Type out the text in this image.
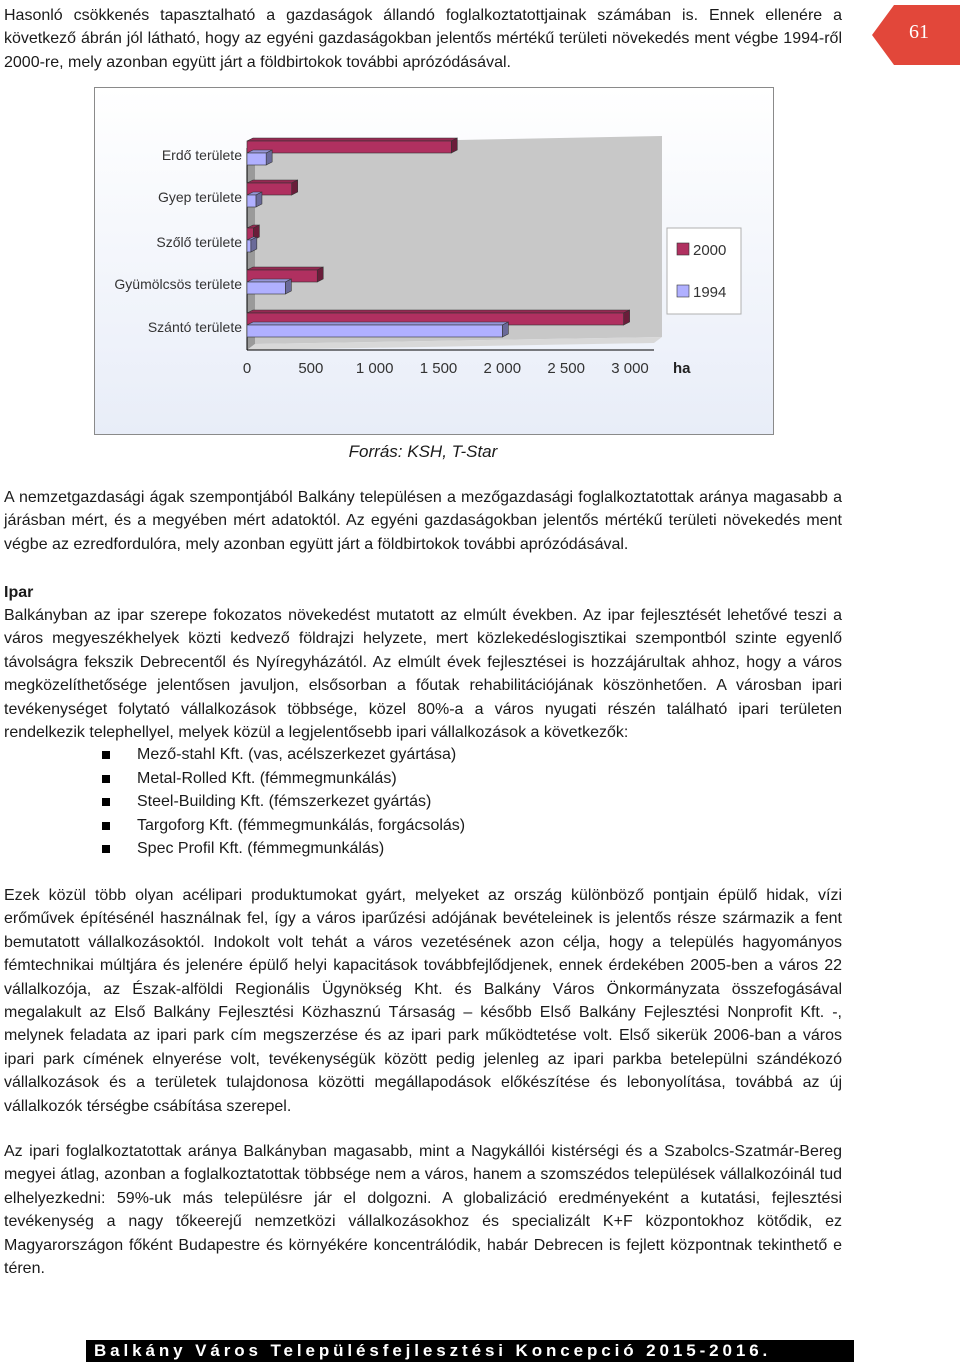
61

Hasonló csökkenés tapasztalható a gazdaságok állandó foglalkoztatottjainak számában is. Ennek ellenére a következő ábrán jól látható, hogy az egyéni gazdaságokban jelentős mértékű területi növekedés ment végbe 1994-ről 2000-re, mely azonban együtt járt a földbirtokok további aprózódásával.

Erdő területe
Gyep területe
Szőlő területe
Gyümölcsös területe
Szántó területe
0	500 1 000 1 500 2 000 2 500 3 000 ha
2000
1994
Forrás: KSH, T-Star

A nemzetgazdasági ágak szempontjából Balkány településen a mezőgazdasági foglalkoztatottak aránya magasabb a járásban mért, és a megyében mért adatoktól. Az egyéni gazdaságokban jelentős mértékű területi növekedés ment végbe az ezredfordulóra, mely azonban együtt járt a földbirtokok további aprózódásával.

Ipar

Balkányban az ipar szerepe fokozatos növekedést mutatott az elmúlt években. Az ipar fejlesztését lehetővé teszi a város megyeszékhelyek közti kedvező földrajzi helyzete, mert közlekedéslogisztikai szempontból szinte egyenlő távolságra fekszik Debrecentől és Nyíregyházától. Az elmúlt évek fejlesztései is hozzájárultak ahhoz, hogy a város megközelíthetősége jelentősen javuljon, elsősorban a főutak rehabilitációjának köszönhetően. A városban ipari tevékenységet folytató vállalkozások többsége, közel 80%-a a város nyugati részén található ipari területen rendelkezik telephellyel, melyek közül a legjelentősebb ipari vállalkozások a következők:

Mező-stahl Kft. (vas, acélszerkezet gyártása)
Metal-Rolled Kft. (fémmegmunkálás)
Steel-Building Kft. (fémszerkezet gyártás)
Targoforg Kft. (fémmegmunkálás, forgácsolás)
Spec Profil Kft. (fémmegmunkálás)

Ezek közül több olyan acélipari produktumokat gyárt, melyeket az ország különböző pontjain épülő hidak, vízi erőművek építésénél használnak fel, így a város iparűzési adójának bevételeinek is jelentős része származik a fent bemutatott vállalkozásoktól. Indokolt volt tehát a város vezetésének azon célja, hogy a település hagyományos fémtechnikai múltjára és jelenére épülő helyi kapacitások továbbfejlődjenek, ennek érdekében 2005-ben a város 22 vállalkozója, az Észak-alföldi Regionális Ügynökség Kht. és Balkány Város Önkormányzata összefogásával megalakult az Első Balkány Fejlesztési Közhasznú Társaság – később Első Balkány Fejlesztési Nonprofit Kft. -, melynek feladata az ipari park cím megszerzése és az ipari park működtetése volt. Első sikerük 2006-ban a város ipari park címének elnyerése volt, tevékenységük között pedig jelenleg az ipari parkba betelepülni szándékozó vállalkozások és a területek tulajdonosa közötti megállapodások előkészítése és lebonyolítása, továbbá az új vállalkozók térségbe csábítása szerepel.

Az ipari foglalkoztatottak aránya Balkányban magasabb, mint a Nagykállói kistérségi és a Szabolcs-Szatmár-Bereg megyei átlag, azonban a foglalkoztatottak többsége nem a város, hanem a szomszédos települések vállalkozóinál tud elhelyezkedni: 59%-uk más településre jár el dolgozni. A globalizáció eredményeként a kutatási, fejlesztési tevékenység a nagy tőkeerejű nemzetközi vállalkozásokhoz és specializált K+F központokhoz kötődik, ez Magyarországon főként Budapestre és környékére koncentrálódik, habár Debrecen is fejlett központnak tekinthető e téren.

Balkány Város Településfejlesztési Koncepció 2015-2016.
